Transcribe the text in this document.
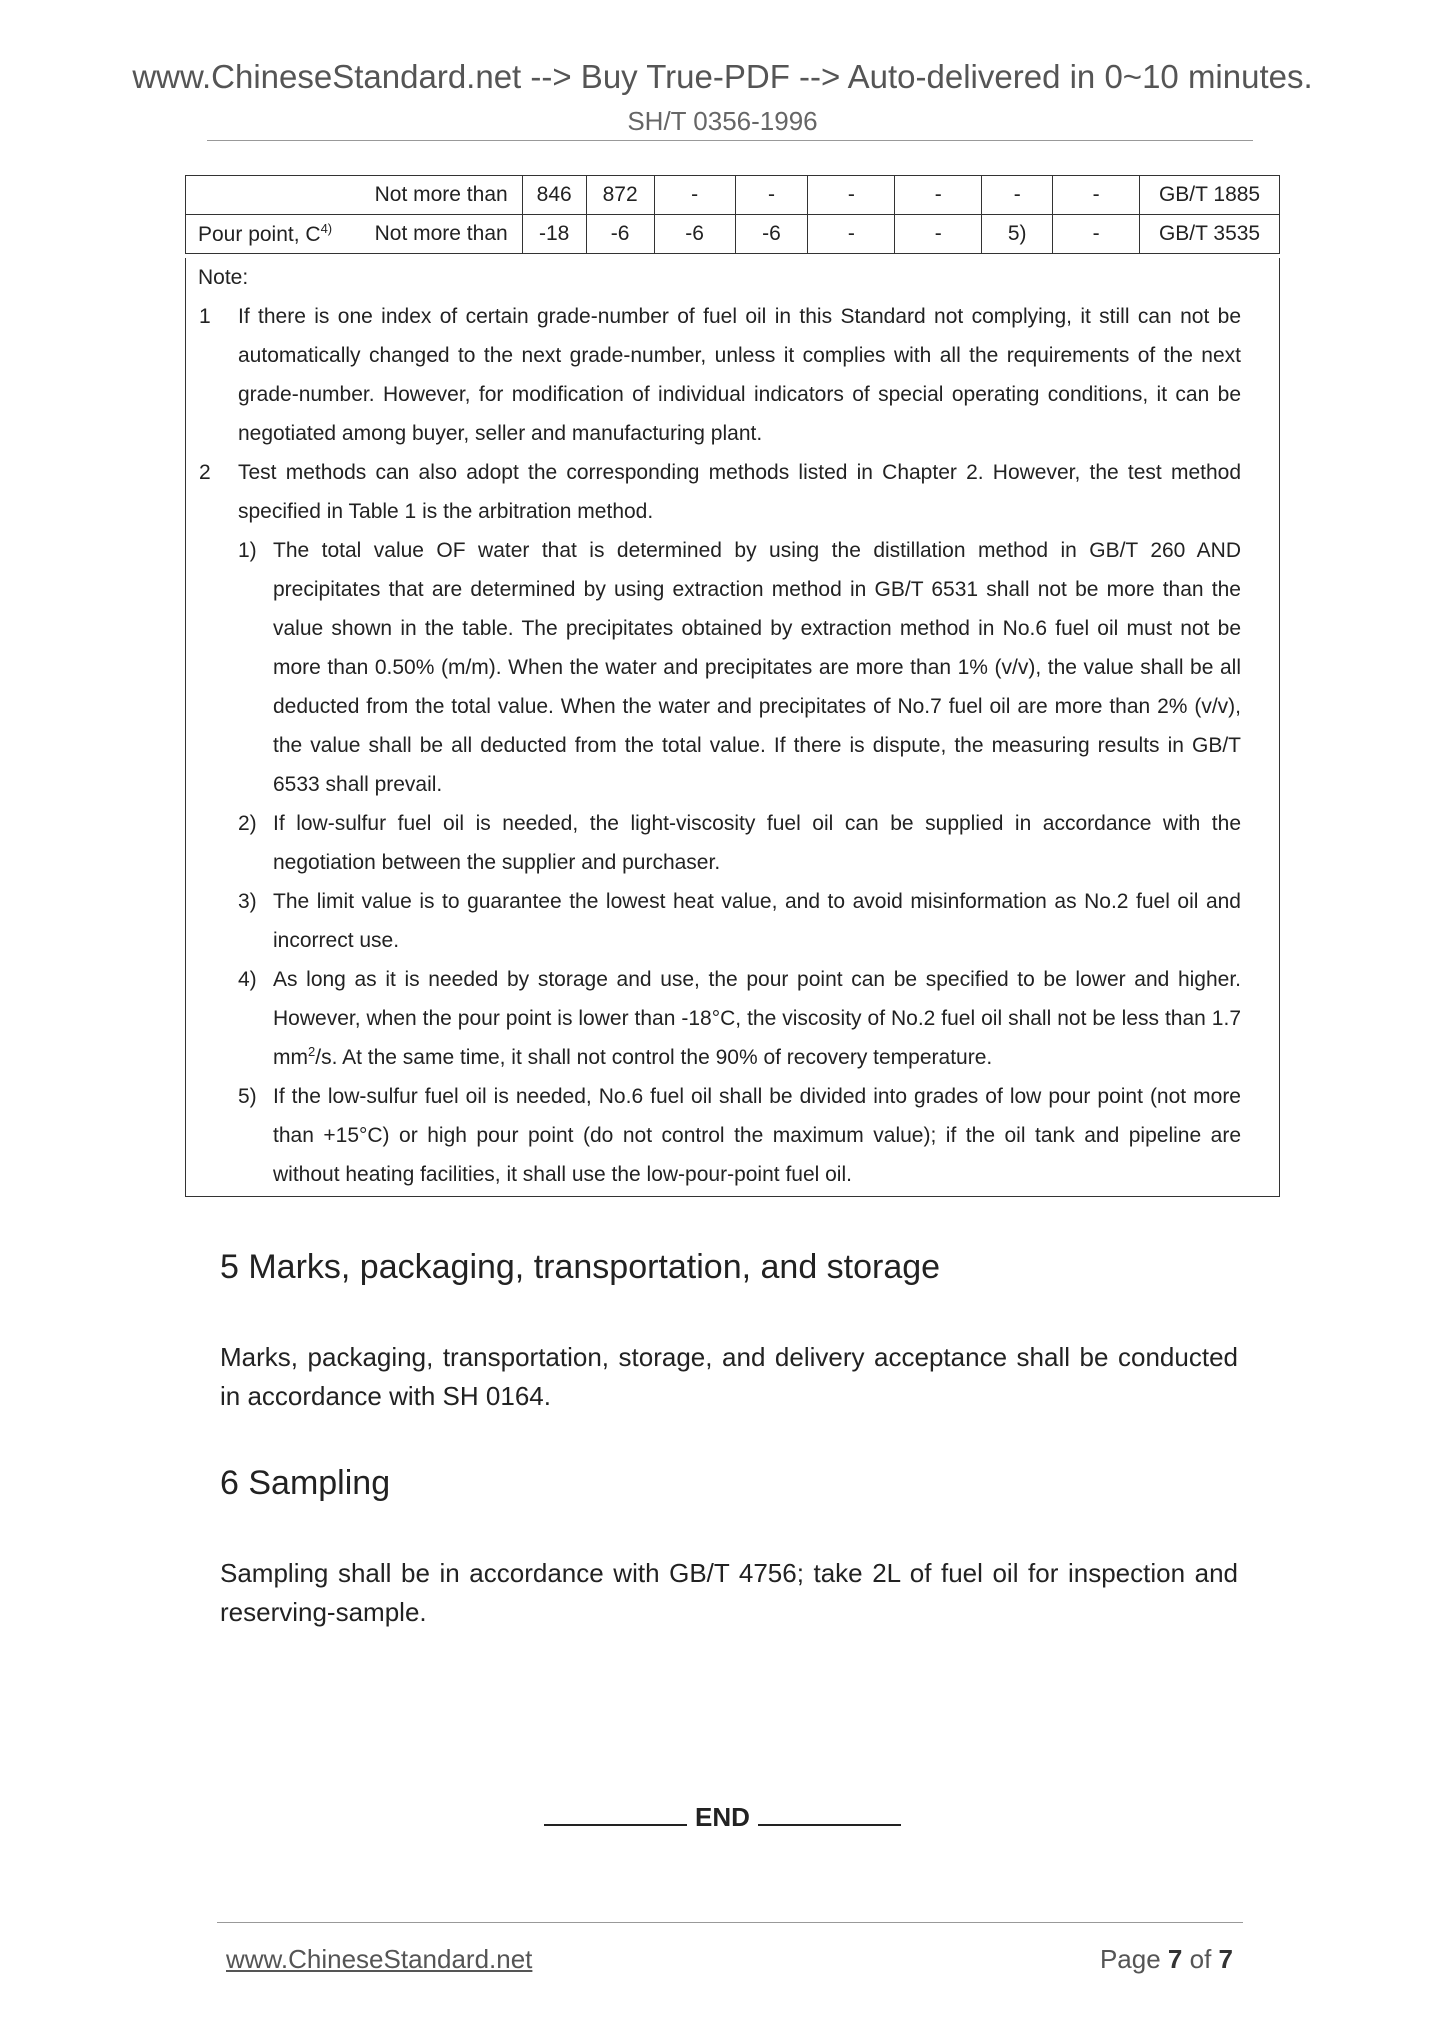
www.ChineseStandard.net --> Buy True-PDF --> Auto-delivered in 0~10 minutes.
SH/T 0356-1996
	Not more than	846	872	-	-	-	-	-	-	GB/T 1885
Pour point, $C^{4)}$	Not more than	-18	-6	-6	-6	-	-	5)	-	GB/T 3535
Note:
1 If there is one index of certain grade-number of fuel oil in this Standard not complying, it still can not be automatically changed to the next grade-number, unless it complies with all the requirements of the next grade-number. However, for modification of individual indicators of special operating conditions, it can be negotiated among buyer, seller and manufacturing plant.
2 Test methods can also adopt the corresponding methods listed in Chapter 2. However, the test method specified in Table 1 is the arbitration method.
1) The total value OF water that is determined by using the distillation method in GB/T 260 AND precipitates that are determined by using extraction method in GB/T 6531 shall not be more than the value shown in the table. The precipitates obtained by extraction method in No.6 fuel oil must not be more than 0.50% (m/m). When the water and precipitates are more than 1% (v/v), the value shall be all deducted from the total value. When the water and precipitates of No.7 fuel oil are more than 2% (v/v), the value shall be all deducted from the total value. If there is dispute, the measuring results in GB/T 6533 shall prevail.
2) If low-sulfur fuel oil is needed, the light-viscosity fuel oil can be supplied in accordance with the negotiation between the supplier and purchaser.
3) The limit value is to guarantee the lowest heat value, and to avoid misinformation as No.2 fuel oil and incorrect use.
4) As long as it is needed by storage and use, the pour point can be specified to be lower and higher. However, when the pour point is lower than -18°C, the viscosity of No.2 fuel oil shall not be less than 1.7 $mm^2/s$. At the same time, it shall not control the 90% of recovery temperature.
5) If the low-sulfur fuel oil is needed, No.6 fuel oil shall be divided into grades of low pour point (not more than +15°C) or high pour point (do not control the maximum value); if the oil tank and pipeline are without heating facilities, it shall use the low-pour-point fuel oil.
5 Marks, packaging, transportation, and storage
Marks, packaging, transportation, storage, and delivery acceptance shall be conducted in accordance with SH 0164.
6 Sampling
Sampling shall be in accordance with GB/T 4756; take 2L of fuel oil for inspection and reserving-sample.
END
www.ChineseStandard.net	Page 7 of 7
